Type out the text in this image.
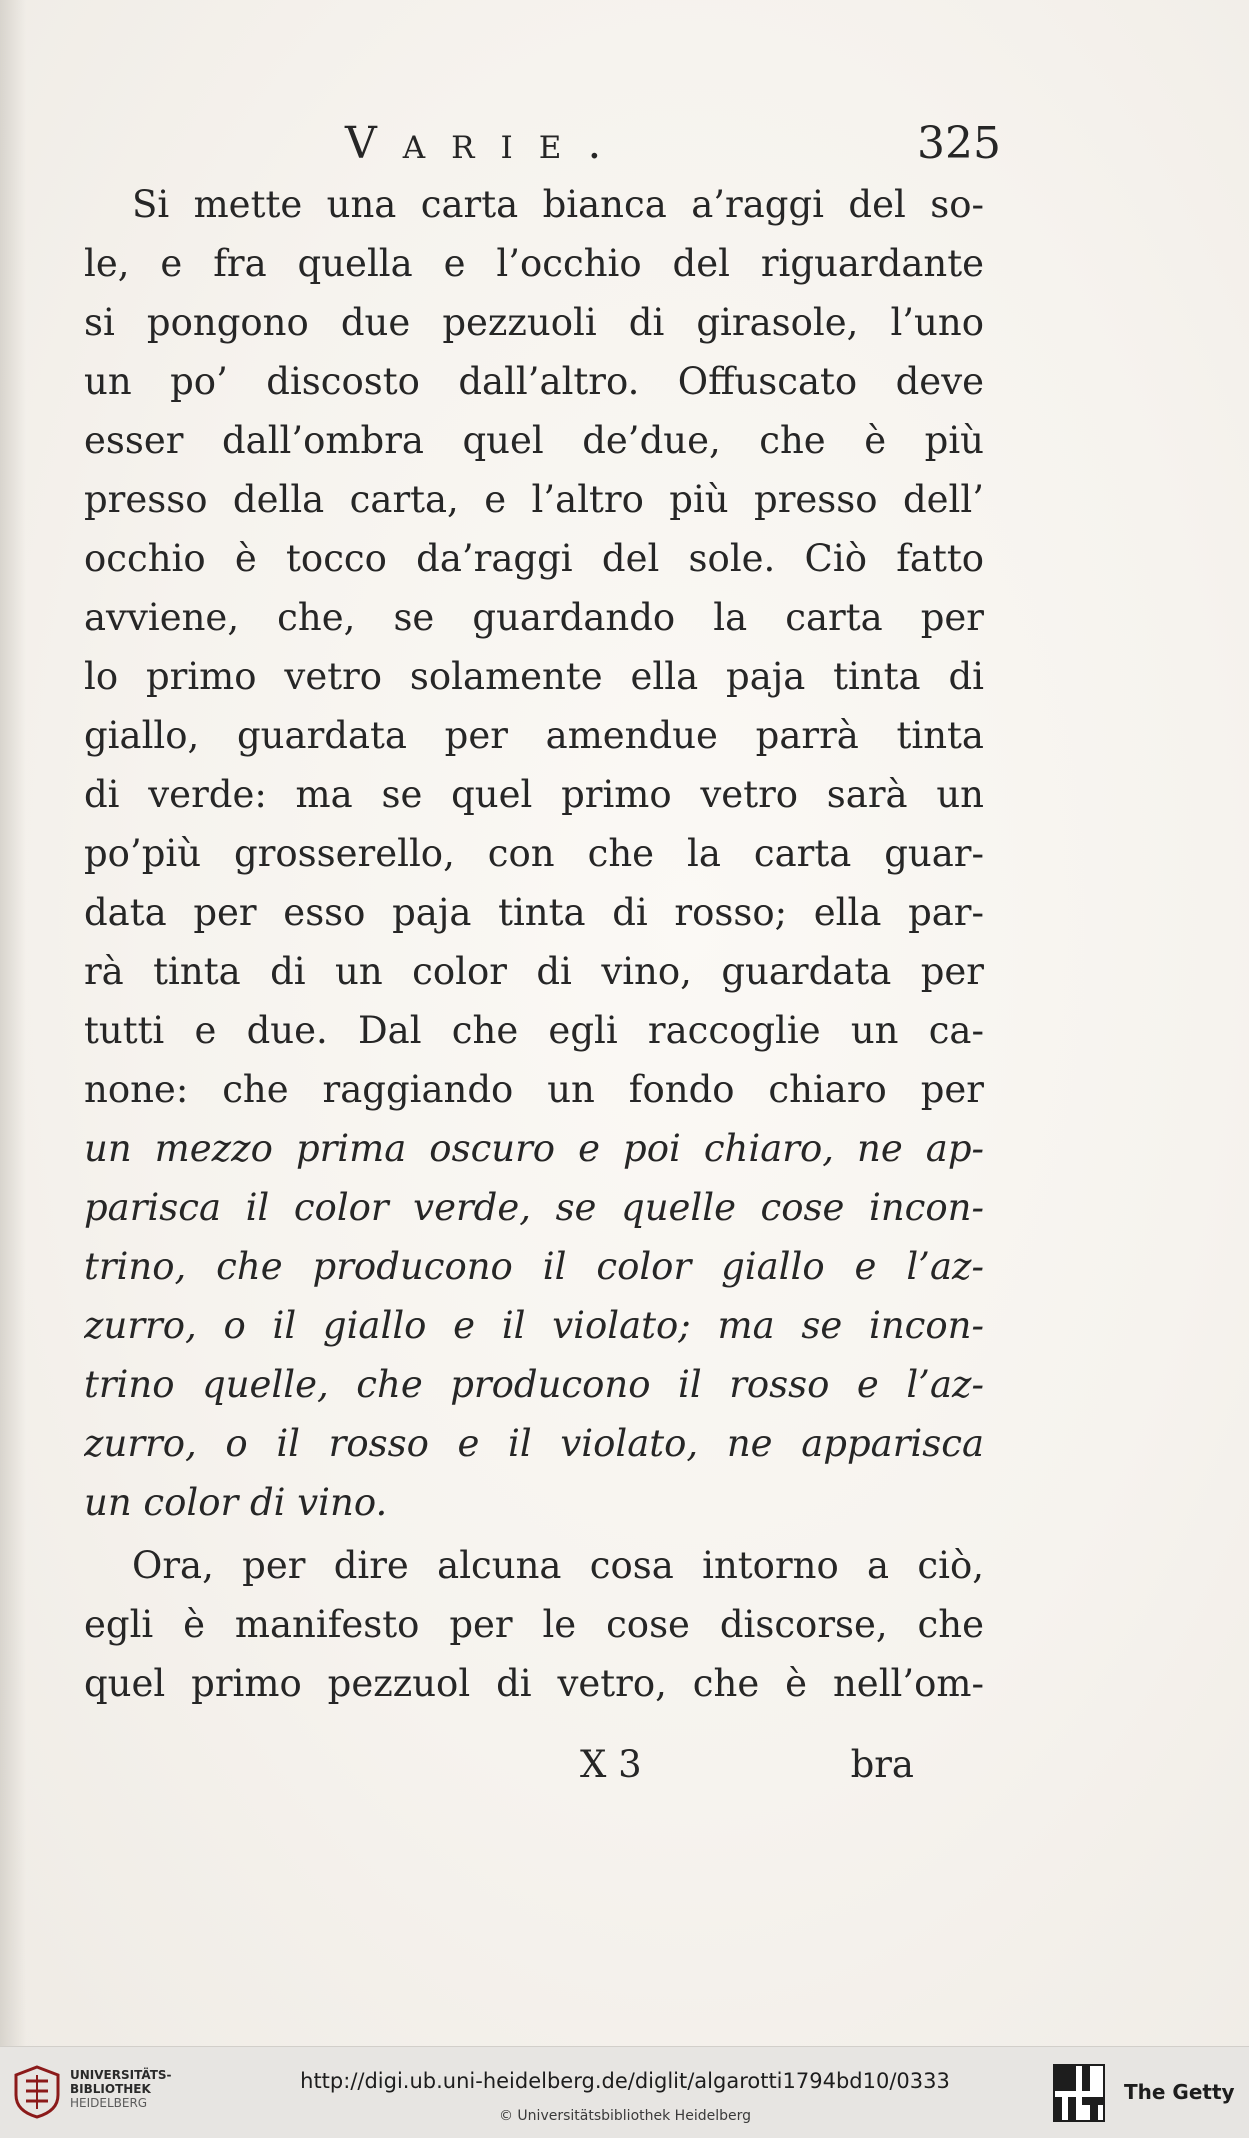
Varie.	325
Si mette una carta bianca a’raggi del so-
le, e fra quella e l’occhio del riguardante
si pongono due pezzuoli di girasole, l’uno
un po’ discosto dall’altro. Offuscato deve
esser dall’ombra quel de’due, che è più
presso della carta, e l’altro più presso dell’
occhio è tocco da’raggi del sole. Ciò fatto
avviene, che, se guardando la carta per
lo primo vetro solamente ella paja tinta di
giallo, guardata per amendue parrà tinta
di verde: ma se quel primo vetro sarà un
po’più grosserello, con che la carta guar-
data per esso paja tinta di rosso; ella par-
rà tinta di un color di vino, guardata per
tutti e due. Dal che egli raccoglie un ca-
none: che raggiando un fondo chiaro per
un mezzo prima oscuro e poi chiaro, ne ap-
parisca il color verde, se quelle cose incon-
trino, che producono il color giallo e l’az-
zurro, o il giallo e il violato; ma se incon-
trino quelle, che producono il rosso e l’az-
zurro, o il rosso e il violato, ne apparisca
un color di vino.
Ora, per dire alcuna cosa intorno a ciò,
egli è manifesto per le cose discorse, che
quel primo pezzuol di vetro, che è nell’om-
X 3	bra
UNIVERSITÄTS-
BIBLIOTHEK
HEIDELBERG
http://digi.ub.uni-heidelberg.de/diglit/algarotti1794bd10/0333
© Universitätsbibliothek Heidelberg
The Getty
